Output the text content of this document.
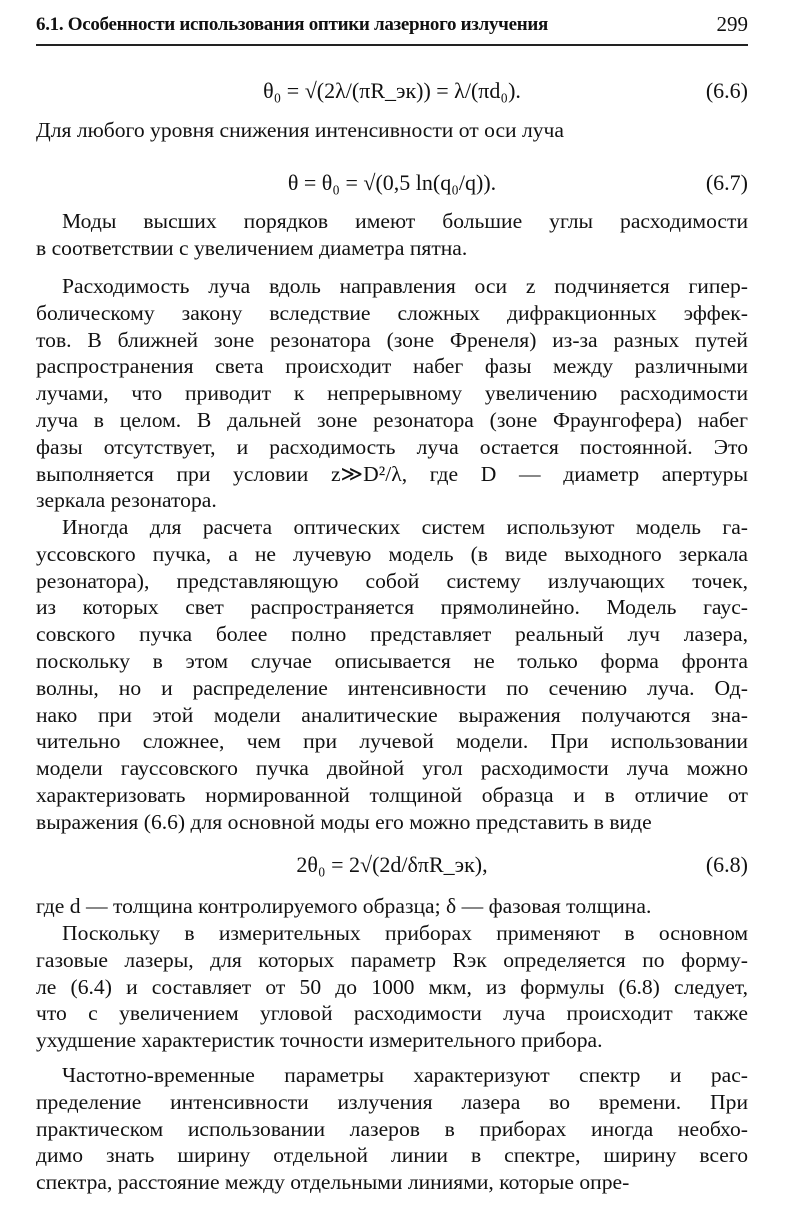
6.1. Особенности использования оптики лазерного излучения	299
θ₀ = √(2λ/(πR_эк)) = λ/(πd₀).	(6.6)
Для любого уровня снижения интенсивности от оси луча
θ = θ₀ = √(0,5 ln(q₀/q)).	(6.7)
Моды высших порядков имеют большие углы расходимости
в соответствии с увеличением диаметра пятна.
Расходимость луча вдоль направления оси z подчиняется гипер-
болическому закону вследствие сложных дифракционных эффек-
тов. В ближней зоне резонатора (зоне Френеля) из-за разных путей
распространения света происходит набег фазы между различными
лучами, что приводит к непрерывному увеличению расходимости
луча в целом. В дальней зоне резонатора (зоне Фраунгофера) набег
фазы отсутствует, и расходимость луча остается постоянной. Это
выполняется при условии z≫D²/λ, где D — диаметр апертуры
зеркала резонатора.
Иногда для расчета оптических систем используют модель га-
уссовского пучка, а не лучевую модель (в виде выходного зеркала
резонатора), представляющую собой систему излучающих точек,
из которых свет распространяется прямолинейно. Модель гаус-
совского пучка более полно представляет реальный луч лазера,
поскольку в этом случае описывается не только форма фронта
волны, но и распределение интенсивности по сечению луча. Од-
нако при этой модели аналитические выражения получаются зна-
чительно сложнее, чем при лучевой модели. При использовании
модели гауссовского пучка двойной угол расходимости луча можно
характеризовать нормированной толщиной образца и в отличие от
выражения (6.6) для основной моды его можно представить в виде
2θ₀ = 2√(2d/δπR_эк),	(6.8)
где d — толщина контролируемого образца; δ — фазовая толщина.
Поскольку в измерительных приборах применяют в основном
газовые лазеры, для которых параметр Rэк определяется по форму-
ле (6.4) и составляет от 50 до 1000 мкм, из формулы (6.8) следует,
что с увеличением угловой расходимости луча происходит также
ухудшение характеристик точности измерительного прибора.
Частотно-временные параметры характеризуют спектр и рас-
пределение интенсивности излучения лазера во времени. При
практическом использовании лазеров в приборах иногда необхо-
димо знать ширину отдельной линии в спектре, ширину всего
спектра, расстояние между отдельными линиями, которые опре-
